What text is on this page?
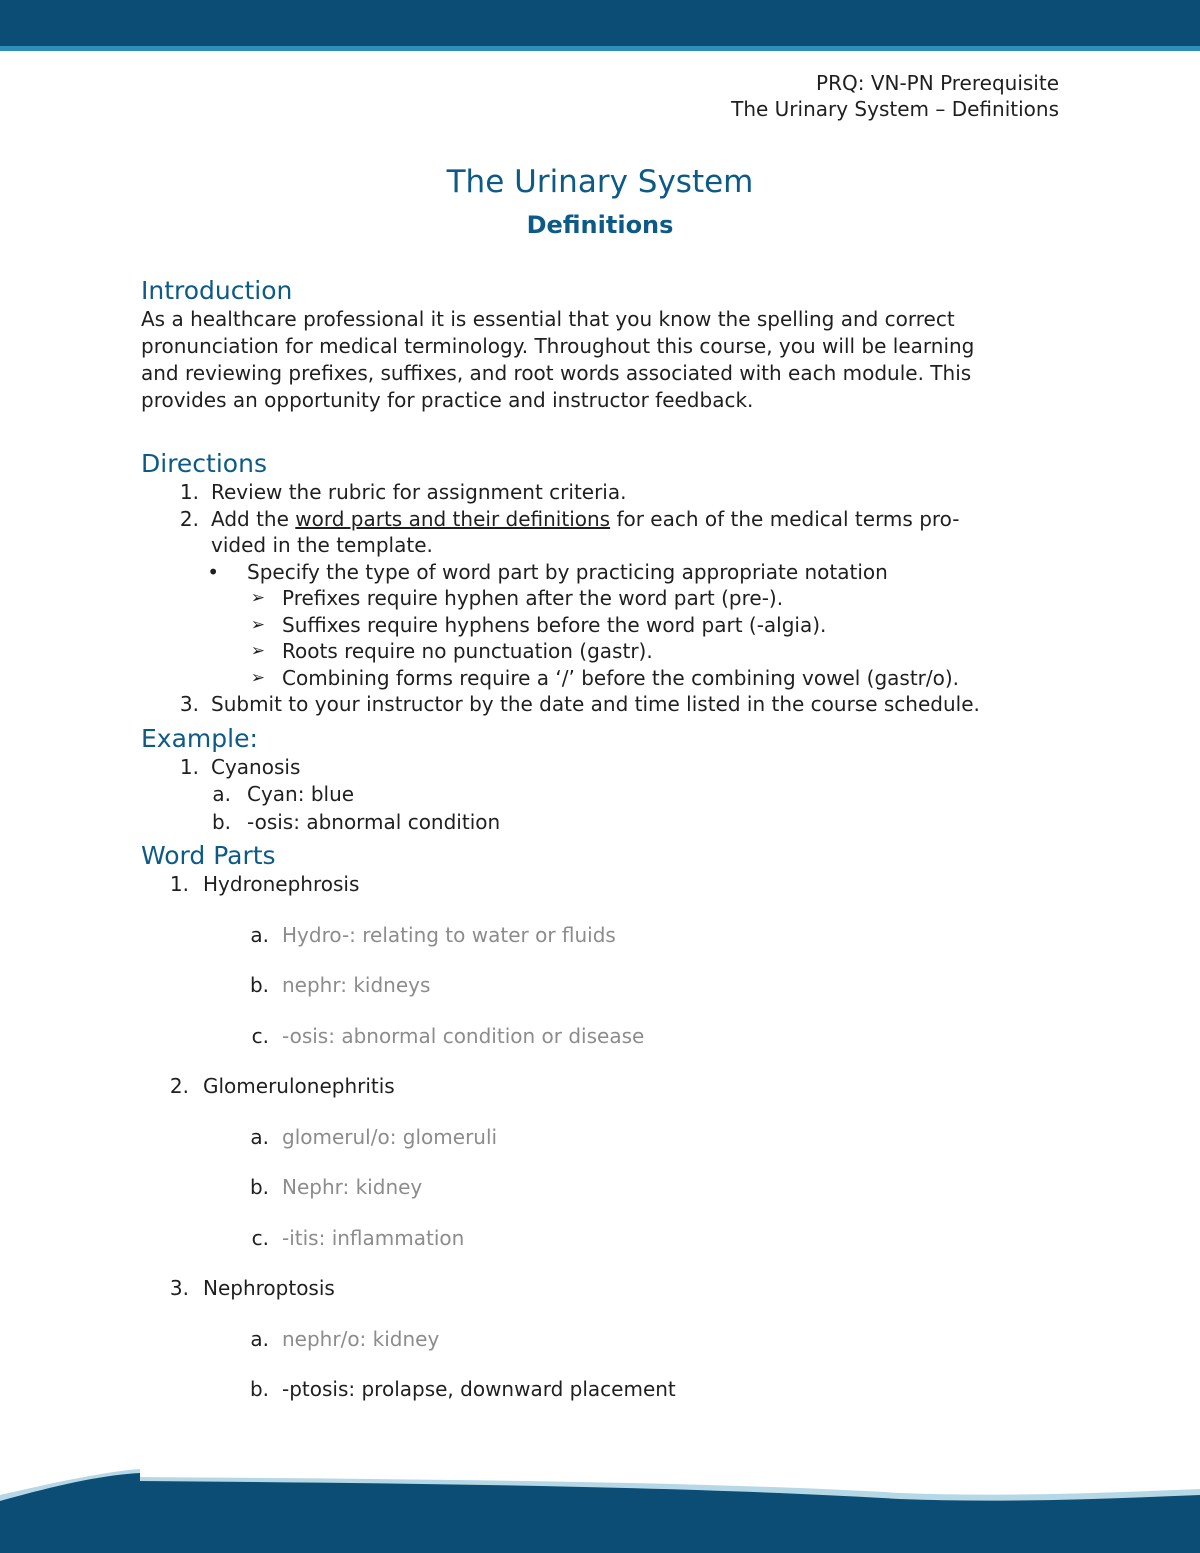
PRQ: VN-PN Prerequisite
The Urinary System – Definitions
The Urinary System
Definitions
Introduction

As a healthcare professional it is essential that you know the spelling and correct
pronunciation for medical terminology. Throughout this course, you will be learning
and reviewing prefixes, suffixes, and root words associated with each module. This
provides an opportunity for practice and instructor feedback.

Directions
1. Review the rubric for assignment criteria.
2. Add the word parts and their definitions for each of the medical terms pro-
vided in the template.
• Specify the type of word part by practicing appropriate notation
➢ Prefixes require hyphen after the word part (pre-).
➢ Suffixes require hyphens before the word part (-algia).
➢ Roots require no punctuation (gastr).
➢ Combining forms require a ‘/’ before the combining vowel (gastr/o).
3. Submit to your instructor by the date and time listed in the course schedule.
Example:
1. Cyanosis
a. Cyan: blue
b. -osis: abnormal condition
Word Parts
1. Hydronephrosis
a. Hydro-: relating to water or fluids
b. nephr: kidneys
c. -osis: abnormal condition or disease
2. Glomerulonephritis
a. glomerul/o: glomeruli
b. Nephr: kidney
c. -itis: inflammation
3. Nephroptosis
a. nephr/o: kidney
b. -ptosis: prolapse, downward placement
